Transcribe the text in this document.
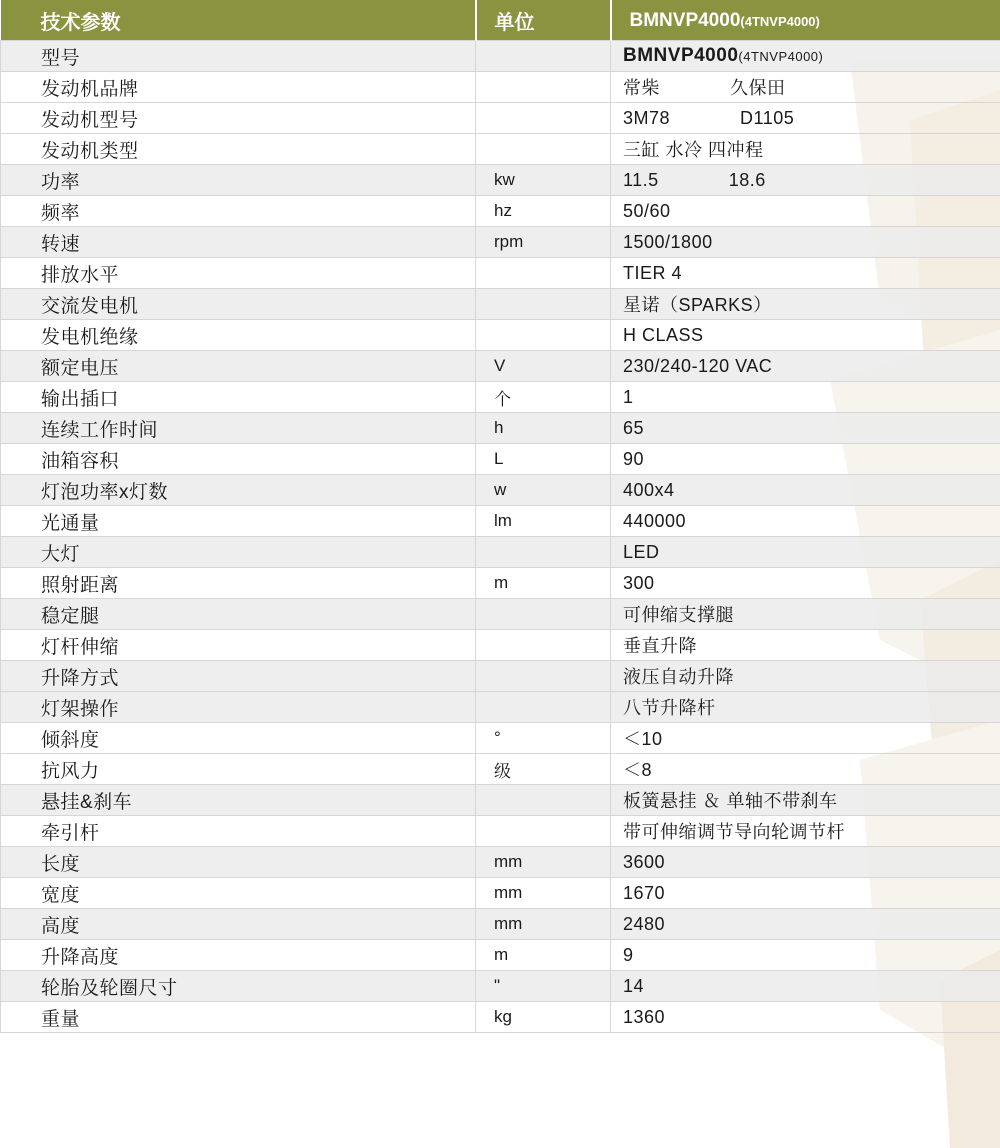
技术参数	单位	BMNVP4000(4TNVP4000)
型号		BMNVP4000(4TNVP4000)
发动机品牌		常柴 久保田
发动机型号		3M78 D1105
发动机类型		三缸 水冷 四冲程
功率	kw	11.5 18.6
频率	hz	50/60
转速	rpm	1500/1800
排放水平		TIER 4
交流发电机		星诺（SPARKS）
发电机绝缘		H CLASS
额定电压	V	230/240-120 VAC
输出插口	个	1
连续工作时间	h	65
油箱容积	L	90
灯泡功率x灯数	w	400x4
光通量	lm	440000
大灯		LED
照射距离	m	300
稳定腿		可伸缩支撑腿
灯杆伸缩		垂直升降
升降方式		液压自动升降
灯架操作		八节升降杆
倾斜度	°	＜10
抗风力	级	＜8
悬挂&刹车		板簧悬挂 ＆ 单轴不带刹车
牵引杆		带可伸缩调节导向轮调节杆
长度	mm	3600
宽度	mm	1670
高度	mm	2480
升降高度	m	9
轮胎及轮圈尺寸	"	14
重量	kg	1360
